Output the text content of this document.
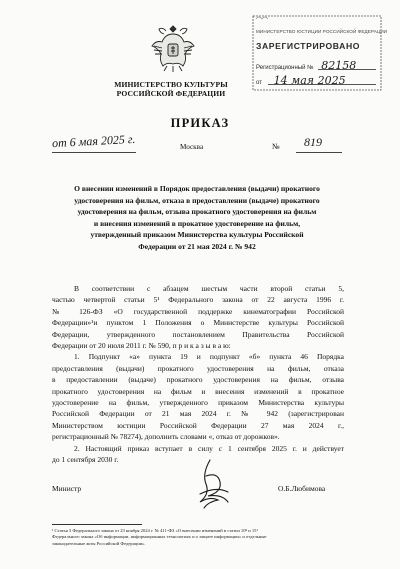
МИНИСТЕРСТВО КУЛЬТУРЫ
РОССИЙСКОЙ ФЕДЕРАЦИИ
МИНИСТЕРСТВО ЮСТИЦИИ РОССИЙСКОЙ ФЕДЕРАЦИИ
ЗАРЕГИСТРИРОВАНО
Регистрационный № 82158
от 14 мая 2025
ПРИКАЗ
от 6 мая 2025 г.	Москва	№ 819
О внесении изменений в Порядок предоставления (выдачи) прокатного
удостоверения на фильм, отказа в предоставлении (выдаче) прокатного
удостоверения на фильм, отзыва прокатного удостоверения на фильм
и внесения изменений в прокатное удостоверение на фильм,
утвержденный приказом Министерства культуры Российской
Федерации от 21 мая 2024 г. № 942
В соответствии с абзацем шестым части второй статьи 5,
частью четвертой статьи 5¹ Федерального закона от 22 августа 1996 г.
№ 126-ФЗ «О государственной поддержке кинематографии Российской
Федерации»¹и пунктом 1 Положения о Министерстве культуры Российской
Федерации, утвержденного постановлением Правительства Российской
Федерации от 20 июля 2011 г. № 590, п р и к а з ы в а ю:
1. Подпункт «а» пункта 19 и подпункт «б» пункта 46 Порядка
предоставления (выдачи) прокатного удостоверения на фильм, отказа
в предоставлении (выдаче) прокатного удостоверения на фильм, отзыва
прокатного удостоверения на фильм и внесения изменений в прокатное
удостоверение на фильм, утвержденного приказом Министерства культуры
Российской Федерации от 21 мая 2024 г. № 942 (зарегистрирован
Министерством юстиции Российской Федерации 27 мая 2024 г.,
регистрационный № 78274), дополнить словами «, отказ от дорожков».
2. Настоящий приказ вступает в силу с 1 сентября 2025 г. и действует
до 1 сентября 2030 г.
Министр	О.Б.Любимова
¹ Статья 3 Федерального закона от 23 ноября 2024 г. № 411-ФЗ «О внесении изменений в статьи 10⁸ и 15¹
Федерального закона «Об информации, информационных технологиях и о защите информации» и отдельные
законодательные акты Российской Федерации».
